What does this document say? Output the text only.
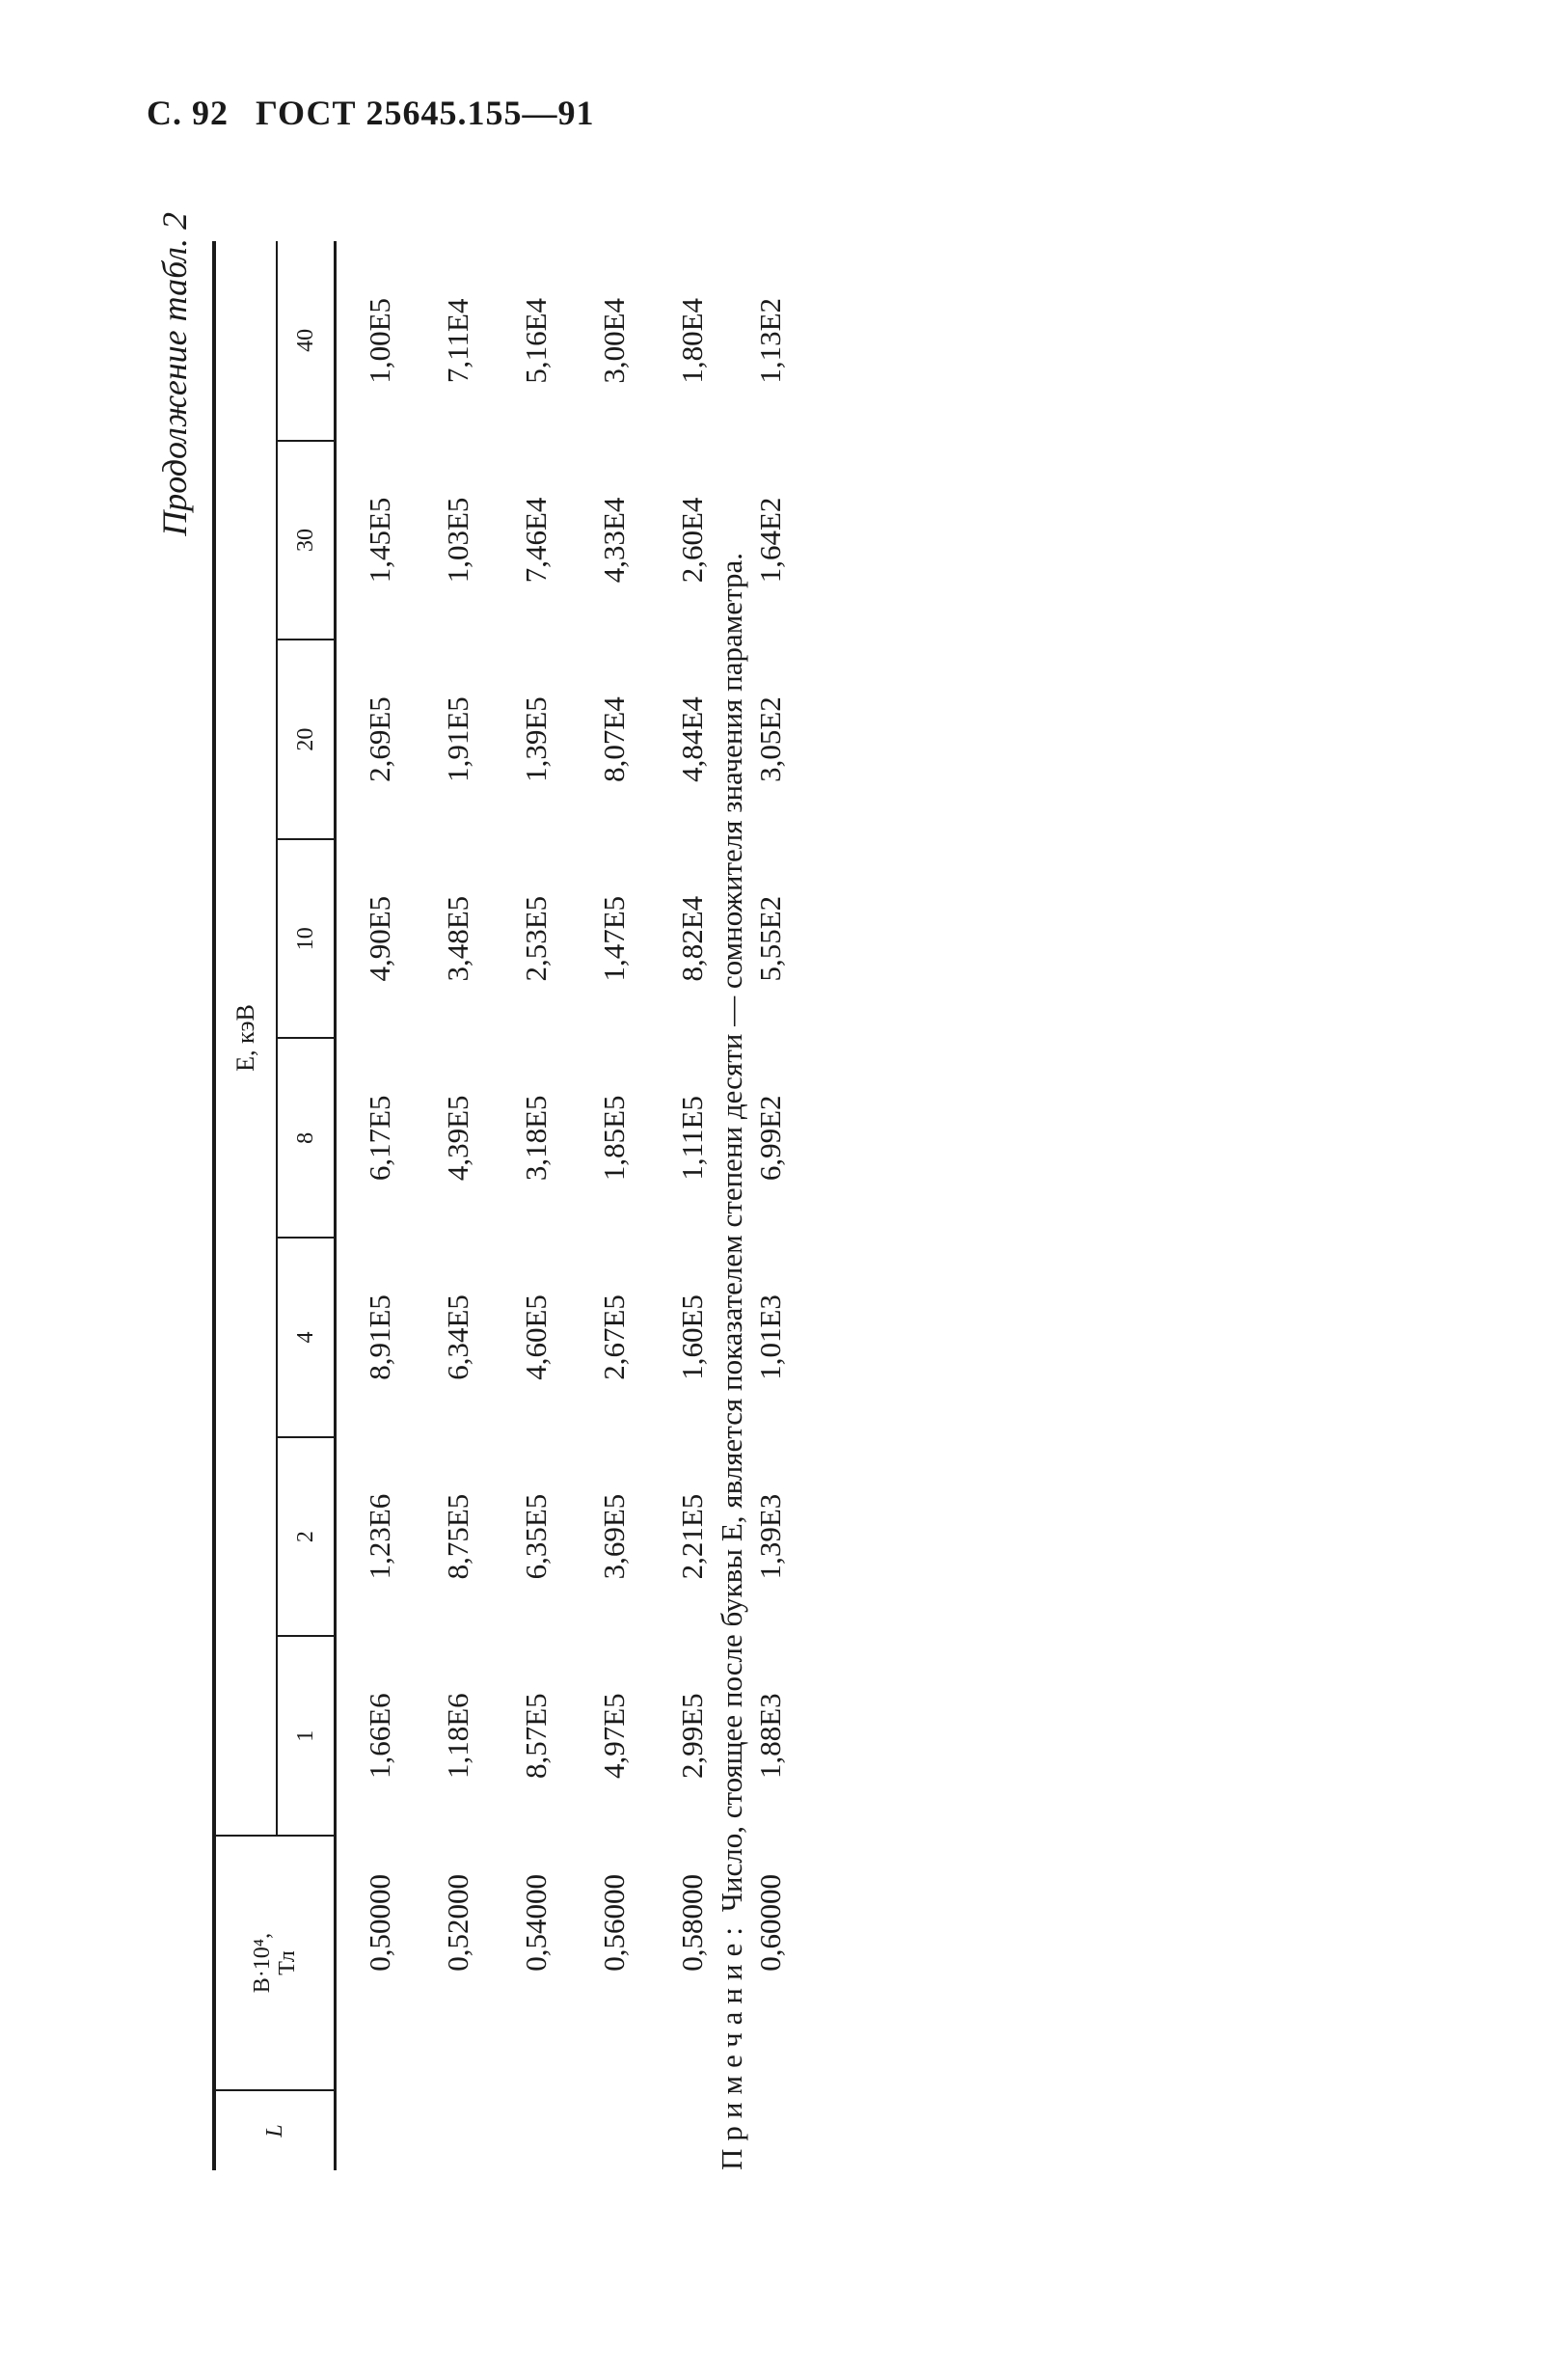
С. 92 ГОСТ 25645.155—91
Продолжение табл. 2
L	B·10⁴, Тл	E, кэВ							
		1	2	4	8	10	20	30	40
	0,50000	1,66E6	1,23E6	8,91E5	6,17E5	4,90E5	2,69E5	1,45E5	1,00E5
	0,52000	1,18E6	8,75E5	6,34E5	4,39E5	3,48E5	1,91E5	1,03E5	7,11E4
	0,54000	8,57E5	6,35E5	4,60E5	3,18E5	2,53E5	1,39E5	7,46E4	5,16E4
	0,56000	4,97E5	3,69E5	2,67E5	1,85E5	1,47E5	8,07E4	4,33E4	3,00E4
	0,58000	2,99E5	2,21E5	1,60E5	1,11E5	8,82E4	4,84E4	2,60E4	1,80E4
	0,60000	1,88E3	1,39E3	1,01E3	6,99E2	5,55E2	3,05E2	1,64E2	1,13E2
Примечание: Число, стоящее после буквы Е, является показателем степени десяти — сомножителя значения параметра.
